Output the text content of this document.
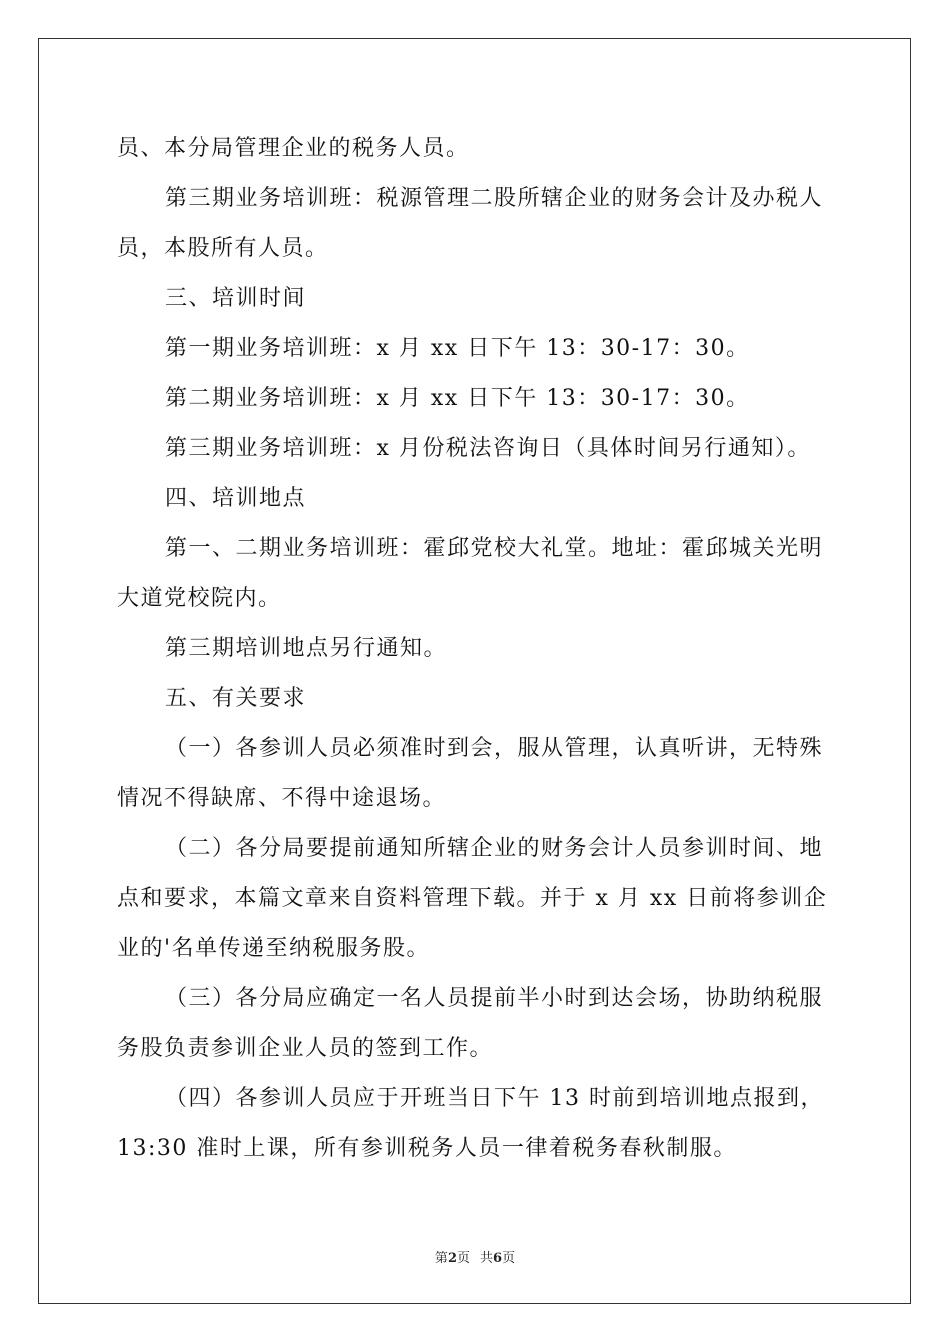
员、本分局管理企业的税务人员。
第三期业务培训班：税源管理二股所辖企业的财务会计及办税人
员，本股所有人员。
三、培训时间
第一期业务培训班：x 月 xx 日下午 13：30-17：30。
第二期业务培训班：x 月 xx 日下午 13：30-17：30。
第三期业务培训班：x 月份税法咨询日（具体时间另行通知）。
四、培训地点
第一、二期业务培训班：霍邱党校大礼堂。地址：霍邱城关光明
大道党校院内。
第三期培训地点另行通知。
五、有关要求
（一）各参训人员必须准时到会，服从管理，认真听讲，无特殊
情况不得缺席、不得中途退场。
（二）各分局要提前通知所辖企业的财务会计人员参训时间、地
点和要求，本篇文章来自资料管理下载。并于 x 月 xx 日前将参训企
业的'名单传递至纳税服务股。
（三）各分局应确定一名人员提前半小时到达会场，协助纳税服
务股负责参训企业人员的签到工作。
（四）各参训人员应于开班当日下午 13 时前到培训地点报到，
13:30 准时上课，所有参训税务人员一律着税务春秋制服。
第2页 共6页
